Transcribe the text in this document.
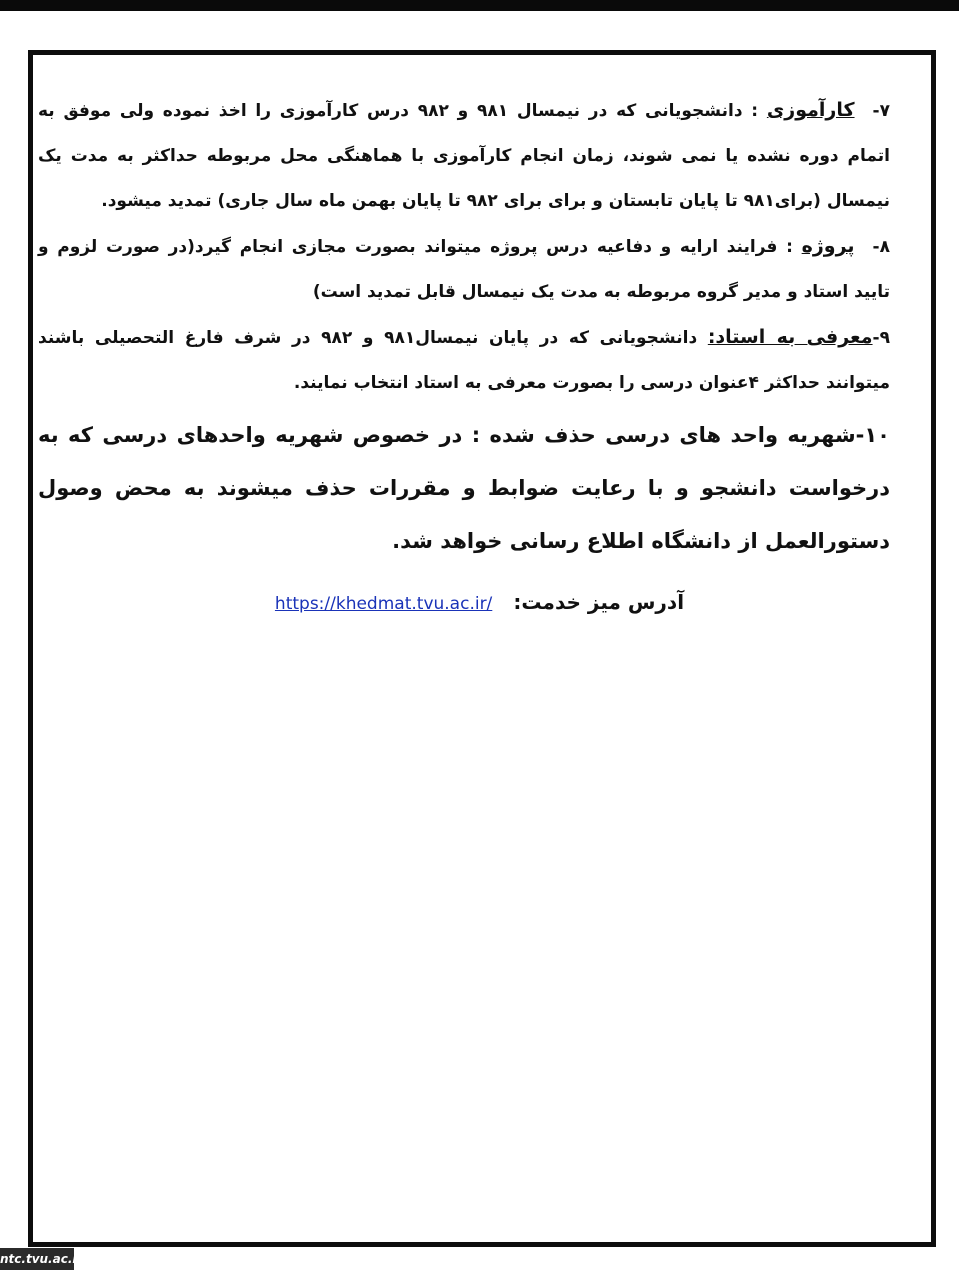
۷-کارآموزی : دانشجویانی که در نیمسال ۹۸۱ و ۹۸۲ درس کارآموزی را اخذ نموده ولی موفق به اتمام دوره نشده یا نمی شوند، زمان انجام کارآموزی با هماهنگی محل مربوطه حداکثر به مدت یک نیمسال (برای۹۸۱ تا پایان تابستان و برای برای ۹۸۲ تا پایان بهمن ماه سال جاری) تمدید میشود.

۸-پروژه : فرایند ارایه و دفاعیه درس پروژه میتواند بصورت مجازی انجام گیرد(در صورت لزوم و تایید استاد و مدیر گروه مربوطه به مدت یک نیمسال قابل تمدید است)

۹-معرفی به استاد: دانشجویانی که در پایان نیمسال۹۸۱ و ۹۸۲ در شرف فارغ التحصیلی باشند میتوانند حداکثر ۴عنوان درسی را بصورت معرفی به استاد انتخاب نمایند.

۱۰-شهریه واحد های درسی حذف شده : در خصوص شهریه واحدهای درسی که به درخواست دانشجو و با رعایت ضوابط و مقررات حذف میشوند به محض وصول دستورالعمل از دانشگاه اطلاع رسانی خواهد شد.

آدرس میز خدمت: https://khedmat.tvu.ac.ir/
ntc.tvu.ac.ir
